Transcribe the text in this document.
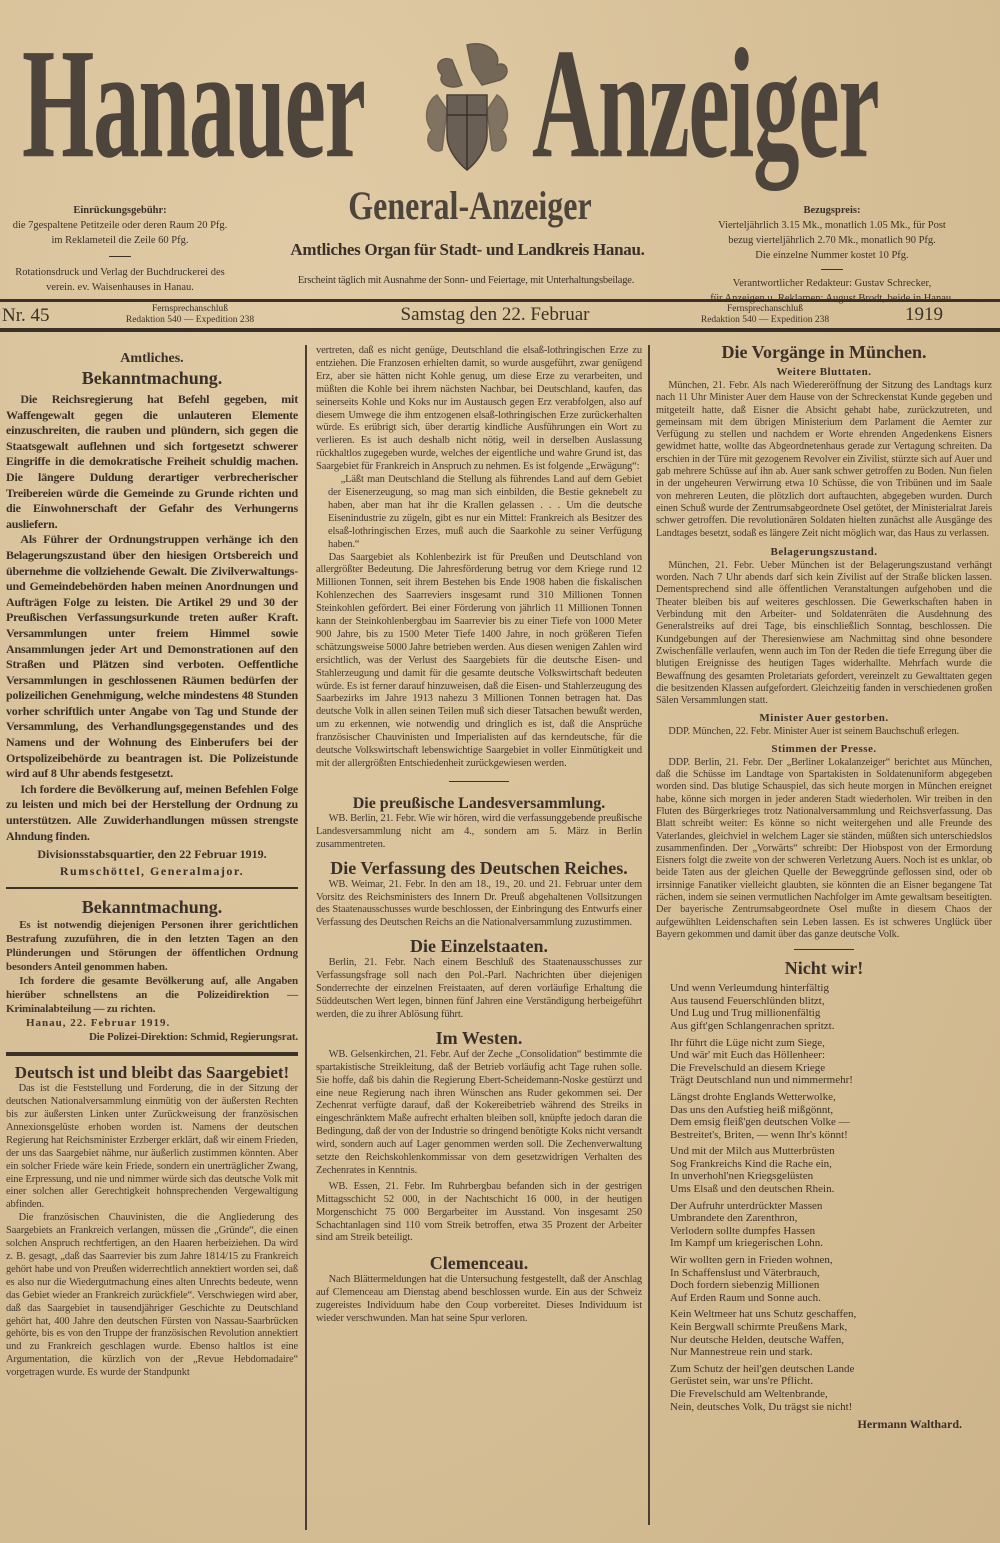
Hanauer Anzeiger
Einrückungsgebühr:
die 7gespaltene Petitzeile oder deren Raum 20 Pfg.
im Reklameteil die Zeile 60 Pfg.
Rotationsdruck und Verlag der Buchdruckerei des
verein. ev. Waisenhauses in Hanau.
General-Anzeiger
Amtliches Organ für Stadt- und Landkreis Hanau.
Erscheint täglich mit Ausnahme der Sonn- und Feiertage, mit Unterhaltungsbeilage.
Bezugspreis:
Vierteljährlich 3.15 Mk., monatlich 1.05 Mk., für Post
bezug vierteljährlich 2.70 Mk., monatlich 90 Pfg.
Die einzelne Nummer kostet 10 Pfg.
Verantwortlicher Redakteur: Gustav Schrecker,
Nr. 45	Fernsprechanschluß
Redaktion 540 — Expedition 238	Samstag den 22. Februar	Fernsprechanschluß
Redaktion 540 — Expedition 238	1919
Amtliches.
Bekanntmachung.

Die Reichsregierung hat Befehl gegeben, mit Waffengewalt gegen die unlauteren Elemente einzuschreiten, die rauben und plündern, sich gegen die Staatsgewalt auflehnen und sich fortgesetzt schwerer Eingriffe in die demokratische Freiheit schuldig machen. Die längere Duldung derartiger verbrecherischer Treibereien würde die Gemeinde zu Grunde richten und die Einwohnerschaft der Gefahr des Verhungerns ausliefern.

Als Führer der Ordnungstruppen verhänge ich den Belagerungszustand über den hiesigen Ortsbereich und übernehme die vollziehende Gewalt. Die Zivilverwaltungs- und Gemeindebehörden haben meinen Anordnungen und Aufträgen Folge zu leisten. Die Artikel 29 und 30 der Preußischen Verfassungsurkunde treten außer Kraft. Versammlungen unter freiem Himmel sowie Ansammlungen jeder Art und Demonstrationen auf den Straßen und Plätzen sind verboten. Oeffentliche Versammlungen in geschlossenen Räumen bedürfen der polizeilichen Genehmigung, welche mindestens 48 Stunden vorher schriftlich unter Angabe von Tag und Stunde der Versammlung, des Verhandlungsgegenstandes und des Namens und der Wohnung des Einberufers bei der Ortspolizeibehörde zu beantragen ist. Die Polizeistunde wird auf 8 Uhr abends festgesetzt.

Ich fordere die Bevölkerung auf, meinen Befehlen Folge zu leisten und mich bei der Herstellung der Ordnung zu unterstützen. Alle Zuwiderhandlungen müssen strengste Ahndung finden.

Divisionsstabsquartier, den 22 Februar 1919.
Rumschöttel, Generalmajor.
Bekanntmachung.

Es ist notwendig diejenigen Personen ihrer gerichtlichen Bestrafung zuzuführen, die in den letzten Tagen an den Plünderungen und Störungen der öffentlichen Ordnung besonders Anteil genommen haben.

Ich fordere die gesamte Bevölkerung auf, alle Angaben hierüber schnellstens an die Polizeidirektion — Kriminalabteilung — zu richten.

Hanau, 22. Februar 1919.
Die Polizei-Direktion: Schmid, Regierungsrat.
Deutsch ist und bleibt das Saargebiet!

Das ist die Feststellung und Forderung, die in der Sitzung der deutschen Nationalversammlung einmütig von der äußersten Rechten bis zur äußersten Linken unter Zurückweisung der französischen Annexionsgelüste erhoben worden ist. Namens der deutschen Regierung hat Reichsminister Erzberger erklärt, daß wir einem Frieden, der uns das Saargebiet nähme, nur äußerlich zustimmen könnten. Aber ein solcher Friede wäre kein Friede, sondern ein unerträglicher Zwang, eine Erpressung, und nie und nimmer würde sich das deutsche Volk mit einer solchen aller Gerechtigkeit hohnsprechenden Vergewaltigung abfinden.

Die französischen Chauvinisten, die die Angliederung des Saargebiets an Frankreich verlangen, müssen die „Gründe“, die einen solchen Anspruch rechtfertigen, an den Haaren herbeiziehen. Da wird z. B. gesagt, „daß das Saarrevier bis zum Jahre 1814/15 zu Frankreich gehört habe und von Preußen widerrechtlich annektiert worden sei, daß es also nur die Wiedergutmachung eines alten Unrechts bedeute, wenn das Gebiet wieder an Frankreich zurückfiele“. Verschwiegen wird aber, daß das Saargebiet in tausendjähriger Geschichte zu Deutschland gehört hat, 400 Jahre den deutschen Fürsten von Nassau-Saarbrücken gehörte, bis es von den Truppe der französischen Revolution annektiert und zu Frankreich geschlagen wurde. Ebenso haltlos ist eine Argumentation, die kürzlich von der „Revue Hebdomadaire“ vorgetragen wurde. Es wurde der Standpunkt

vertreten, daß es nicht genüge, Deutschland die elsaß-lothringischen Erze zu entziehen. Die Franzosen erhielten damit, so wurde ausgeführt, zwar genügend Erz, aber sie hätten nicht Kohle genug, um diese Erze zu verarbeiten, und müßten die Kohle bei ihrem nächsten Nachbar, bei Deutschland, kaufen, das seinerseits Kohle und Koks nur im Austausch gegen Erz verabfolgen, also auf diesem Umwege die ihm entzogenen elsaß-lothringischen Erze zurückerhalten würde. Es erübrigt sich, über derartig kindliche Ausführungen ein Wort zu verlieren. Es ist auch deshalb nicht nötig, weil in derselben Auslassung rückhaltlos zugegeben wurde, welches der eigentliche und wahre Grund ist, das Saargebiet für Frankreich in Anspruch zu nehmen. Es ist folgende „Erwägung“:

„Läßt man Deutschland die Stellung als führendes Land auf dem Gebiet der Eisenerzeugung, so mag man sich einbilden, die Bestie geknebelt zu haben, aber man hat ihr die Krallen gelassen . . . Um die deutsche Eisenindustrie zu zügeln, gibt es nur ein Mittel: Frankreich als Besitzer des elsaß-lothringischen Erzes, muß auch die Saarkohle zu seiner Verfügung haben.“

Das Saargebiet als Kohlenbezirk ist für Preußen und Deutschland von allergrößter Bedeutung. Die Jahresförderung betrug vor dem Kriege rund 12 Millionen Tonnen, seit ihrem Bestehen bis Ende 1908 haben die fiskalischen Kohlenzechen des Saarreviers insgesamt rund 310 Millionen Tonnen Steinkohlen gefördert. Bei einer Förderung von jährlich 11 Millionen Tonnen kann der Steinkohlenbergbau im Saarrevier bis zu einer Tiefe von 1000 Meter 900 Jahre, bis zu 1500 Meter Tiefe 1400 Jahre, in noch größeren Tiefen schätzungsweise 5000 Jahre betrieben werden. Aus diesen wenigen Zahlen wird ersichtlich, was der Verlust des Saargebiets für die deutsche Eisen- und Stahlerzeugung und damit für die gesamte deutsche Volkswirtschaft bedeuten würde. Es ist ferner darauf hinzuweisen, daß die Eisen- und Stahlerzeugung des Saarbezirks im Jahre 1913 nahezu 3 Millionen Tonnen betragen hat. Das deutsche Volk in allen seinen Teilen muß sich dieser Tatsachen bewußt werden, um zu erkennen, wie notwendig und dringlich es ist, daß die Ansprüche französischer Chauvinisten und Imperialisten auf das kerndeutsche, für die deutsche Volkswirtschaft lebenswichtige Saargebiet in voller Einmütigkeit und mit der allergrößten Entschiedenheit zurückgewiesen werden.

Die preußische Landesversammlung.

WB. Berlin, 21. Febr. Wie wir hören, wird die verfassunggebende preußische Landesversammlung nicht am 4., sondern am 5. März in Berlin zusammentreten.

Die Verfassung des Deutschen Reiches.

WB. Weimar, 21. Febr. In den am 18., 19., 20. und 21. Februar unter dem Vorsitz des Reichsministers des Innern Dr. Preuß abgehaltenen Vollsitzungen des Staatenausschusses wurde beschlossen, der Einbringung des Entwurfs einer Verfassung des Deutschen Reichs an die Nationalversammlung zuzustimmen.

Die Einzelstaaten.

Berlin, 21. Febr. Nach einem Beschluß des Staatenausschusses zur Verfassungsfrage soll nach den Pol.-Parl. Nachrichten über diejenigen Sonderrechte der einzelnen Freistaaten, auf deren vorläufige Erhaltung die Süddeutschen Wert legen, binnen fünf Jahren eine Verständigung herbeigeführt werden, die zu ihrer Ablösung führt.

Im Westen.

WB. Gelsenkirchen, 21. Febr. Auf der Zeche „Consolidation“ bestimmte die spartakistische Streikleitung, daß der Betrieb vorläufig acht Tage ruhen solle. Sie hoffe, daß bis dahin die Regierung Ebert-Scheidemann-Noske gestürzt und eine neue Regierung nach ihren Wünschen ans Ruder gekommen sei. Der Zechenrat verfügte darauf, daß der Kokereibetrieb während des Streiks in eingeschränktem Maße aufrecht erhalten bleiben soll, knüpfte jedoch daran die Bedingung, daß der von der Industrie so dringend benötigte Koks nicht versandt wird, sondern auch auf Lager genommen werden soll. Die Zechenverwaltung setzte den Reichskohlenkommissar von dem gesetzwidrigen Verhalten des Zechenrates in Kenntnis.

WB. Essen, 21. Febr. Im Ruhrbergbau befanden sich in der gestrigen Mittagsschicht 52 000, in der Nachtschicht 16 000, in der heutigen Morgenschicht 75 000 Bergarbeiter im Ausstand. Von insgesamt 250 Schachtanlagen sind 110 vom Streik betroffen, etwa 35 Prozent der Arbeiter sind am Streik beteiligt.

Clemenceau.

Nach Blättermeldungen hat die Untersuchung festgestellt, daß der Anschlag auf Clemenceau am Dienstag abend beschlossen wurde. Ein aus der Schweiz zugereistes Individuum habe den Coup vorbereitet. Dieses Individuum ist wieder verschwunden. Man hat seine Spur verloren.

Die Vorgänge in München.
Weitere Bluttaten.

München, 21. Febr. Als nach Wiedereröffnung der Sitzung des Landtags kurz nach 11 Uhr Minister Auer dem Hause von der Schreckenstat Kunde gegeben und mitgeteilt hatte, daß Eisner die Absicht gehabt habe, zurückzutreten, und gemeinsam mit dem übrigen Ministerium dem Parlament die Aemter zur Verfügung zu stellen und nachdem er Worte ehrenden Angedenkens Eisners gewidmet hatte, wollte das Abgeordnetenhaus gerade zur Vertagung schreiten. Da erschien in der Türe mit gezogenem Revolver ein Zivilist, stürzte sich auf Auer und gab mehrere Schüsse auf ihn ab. Auer sank schwer getroffen zu Boden. Nun fielen in der ungeheuren Verwirrung etwa 10 Schüsse, die von Tribünen und im Saale von mehreren Leuten, die plötzlich dort auftauchten, abgegeben wurden. Durch einen Schuß wurde der Zentrumsabgeordnete Osel getötet, der Ministerialrat Jareis schwer getroffen. Die revolutionären Soldaten hielten zunächst alle Ausgänge des Landtages besetzt, sodaß es längere Zeit nicht möglich war, das Haus zu verlassen.

Belagerungszustand.

München, 21. Febr. Ueber München ist der Belagerungszustand verhängt worden. Nach 7 Uhr abends darf sich kein Zivilist auf der Straße blicken lassen. Dementsprechend sind alle öffentlichen Veranstaltungen aufgehoben und die Theater bleiben bis auf weiteres geschlossen. Die Gewerkschaften haben in Verbindung mit den Arbeiter- und Soldatenräten die Ausdehnung des Generalstreiks auf drei Tage, bis einschließlich Sonntag, beschlossen. Die Kundgebungen auf der Theresienwiese am Nachmittag sind ohne besondere Zwischenfälle verlaufen, wenn auch im Ton der Reden die tiefe Erregung über die blutigen Ereignisse des heutigen Tages widerhallte. Mehrfach wurde die Bewaffnung des gesamten Proletariats gefordert, vereinzelt zu Gewalttaten gegen die besitzenden Klassen aufgefordert. Gleichzeitig fanden in verschiedenen großen Sälen Versammlungen statt.

Minister Auer gestorben.

DDP. München, 22. Febr. Minister Auer ist seinem Bauchschuß erlegen.

Stimmen der Presse.

DDP. Berlin, 21. Febr. Der „Berliner Lokalanzeiger“ berichtet aus München, daß die Schüsse im Landtage von Spartakisten in Soldatenuniform abgegeben worden sind. Das blutige Schauspiel, das sich heute morgen in München ereignet habe, könne sich morgen in jeder anderen Stadt wiederholen. Wir treiben in den Fluten des Bürgerkrieges trotz Nationalversammlung und Reichsverfassung. Das Blatt schreibt weiter: Es könne so nicht weitergehen und alle Freunde des Vaterlandes, gleichviel in welchem Lager sie ständen, müßten sich unterschiedslos zusammenfinden. Der „Vorwärts“ schreibt: Der Hiobspost von der Ermordung Eisners folgt die zweite von der schweren Verletzung Auers. Noch ist es unklar, ob beide Taten aus der gleichen Quelle der Beweggründe geflossen sind, oder ob irrsinnige Fanatiker vielleicht glaubten, sie könnten die an Eisner begangene Tat rächen, indem sie seinen vermutlichen Nachfolger im Amte gewaltsam beseitigten. Der bayerische Zentrumsabgeordnete Osel mußte in diesem Chaos der aufgewühlten Leidenschaften sein Leben lassen. Es ist schweres Unglück über Bayern gekommen und damit über das ganze deutsche Volk.

Nicht wir!
Und wenn Verleumdung hinterfältig
Aus tausend Feuerschlünden blitzt,
Und Lug und Trug millionenfältig
Aus gift'gen Schlangenrachen spritzt.
Ihr führt die Lüge nicht zum Siege,
Und wär' mit Euch das Höllenheer:
Die Frevelschuld an diesem Kriege
Trägt Deutschland nun und nimmermehr!
Längst drohte Englands Wetterwolke,
Das uns den Aufstieg heiß mißgönnt,
Dem emsig fleiß'gen deutschen Volke —
Bestreitet's, Briten, — wenn Ihr's könnt!
Und mit der Milch aus Mutterbrüsten
Sog Frankreichs Kind die Rache ein,
In unverhohl'nen Kriegsgelüsten
Ums Elsaß und den deutschen Rhein.
Der Aufruhr unterdrückter Massen
Umbrandete den Zarenthron,
Verlodern sollte dumpfes Hassen
Im Kampf um kriegerischen Lohn.
Wir wollten gern in Frieden wohnen,
In Schaffenslust und Väterbrauch,
Doch fordern siebenzig Millionen
Auf Erden Raum und Sonne auch.
Kein Weltmeer hat uns Schutz geschaffen,
Kein Bergwall schirmte Preußens Mark,
Nur deutsche Helden, deutsche Waffen,
Nur Mannestreue rein und stark.
Zum Schutz der heil'gen deutschen Lande
Gerüstet sein, war uns're Pflicht.
Die Frevelschuld am Weltenbrande,
Nein, deutsches Volk, Du trägst sie nicht!
Hermann Walthard.
